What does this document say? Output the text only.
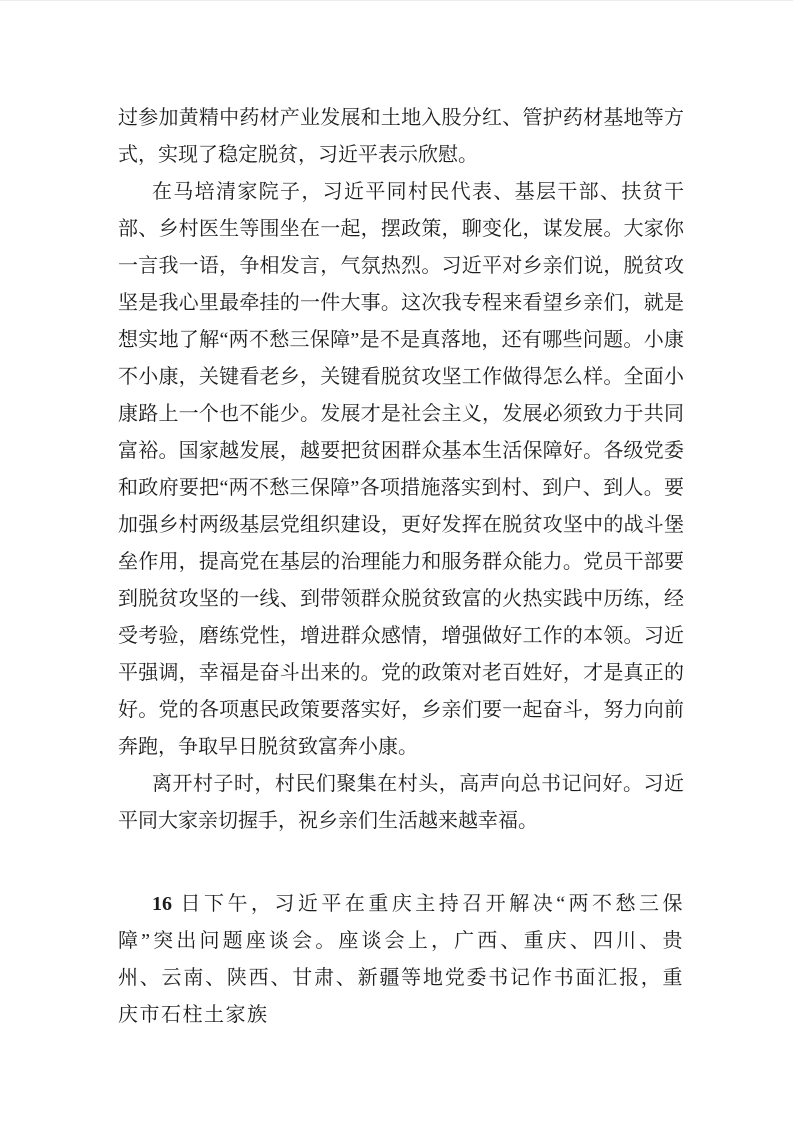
过参加黄精中药材产业发展和土地入股分红、管护药材基地等方式，实现了稳定脱贫，习近平表示欣慰。

在马培清家院子，习近平同村民代表、基层干部、扶贫干部、乡村医生等围坐在一起，摆政策，聊变化，谋发展。大家你一言我一语，争相发言，气氛热烈。习近平对乡亲们说，脱贫攻坚是我心里最牵挂的一件大事。这次我专程来看望乡亲们，就是想实地了解“两不愁三保障”是不是真落地，还有哪些问题。小康不小康，关键看老乡，关键看脱贫攻坚工作做得怎么样。全面小康路上一个也不能少。发展才是社会主义，发展必须致力于共同富裕。国家越发展，越要把贫困群众基本生活保障好。各级党委和政府要把“两不愁三保障”各项措施落实到村、到户、到人。要加强乡村两级基层党组织建设，更好发挥在脱贫攻坚中的战斗堡垒作用，提高党在基层的治理能力和服务群众能力。党员干部要到脱贫攻坚的一线、到带领群众脱贫致富的火热实践中历练，经受考验，磨练党性，增进群众感情，增强做好工作的本领。习近平强调，幸福是奋斗出来的。党的政策对老百姓好，才是真正的好。党的各项惠民政策要落实好，乡亲们要一起奋斗，努力向前奔跑，争取早日脱贫致富奔小康。

离开村子时，村民们聚集在村头，高声向总书记问好。习近平同大家亲切握手，祝乡亲们生活越来越幸福。

16 日下午，习近平在重庆主持召开解决“两不愁三保障”突出问题座谈会。座谈会上，广西、重庆、四川、贵州、云南、陕西、甘肃、新疆等地党委书记作书面汇报，重庆市石柱土家族
